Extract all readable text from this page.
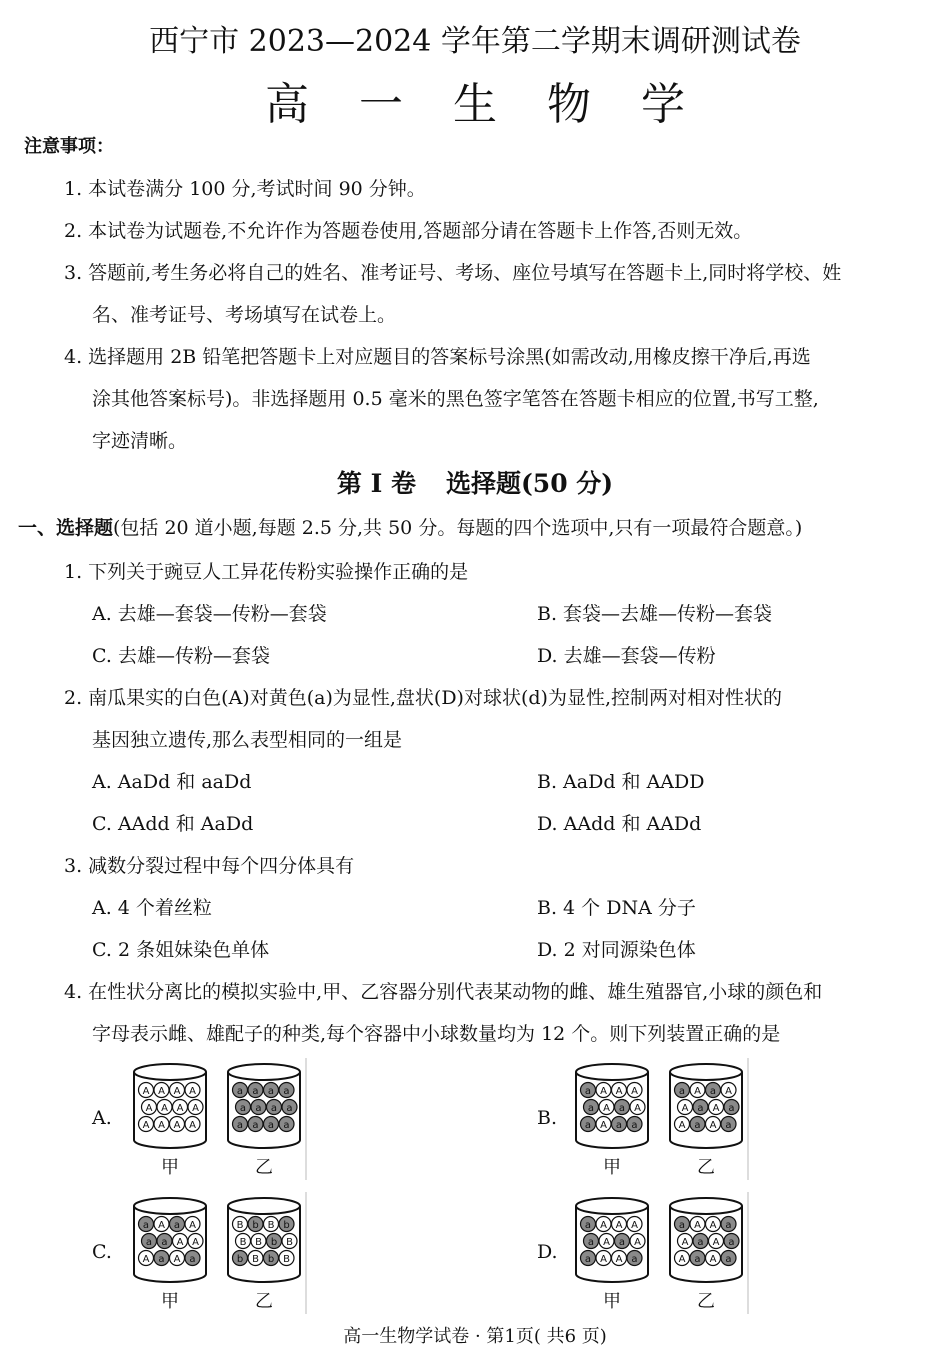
西宁市 2023—2024 学年第二学期末调研测试卷
高 一 生 物 学
注意事项：
1. 本试卷满分 100 分,考试时间 90 分钟。
2. 本试卷为试题卷,不允许作为答题卷使用,答题部分请在答题卡上作答,否则无效。
3. 答题前,考生务必将自己的姓名、准考证号、考场、座位号填写在答题卡上,同时将学校、姓
名、准考证号、考场填写在试卷上。
4. 选择题用 2B 铅笔把答题卡上对应题目的答案标号涂黑(如需改动,用橡皮擦干净后,再选
涂其他答案标号)。非选择题用 0.5 毫米的黑色签字笔答在答题卡相应的位置,书写工整,
字迹清晰。
第 I 卷 选择题(50 分)
一、选择题(包括 20 道小题,每题 2.5 分,共 50 分。每题的四个选项中,只有一项最符合题意。)
1. 下列关于豌豆人工异花传粉实验操作正确的是
A. 去雄—套袋—传粉—套袋	B. 套袋—去雄—传粉—套袋
C. 去雄—传粉—套袋	D. 去雄—套袋—传粉
2. 南瓜果实的白色(A)对黄色(a)为显性,盘状(D)对球状(d)为显性,控制两对相对性状的
基因独立遗传,那么表型相同的一组是
A. AaDd 和 aaDd	B. AaDd 和 AADD
C. AAdd 和 AaDd	D. AAdd 和 AADd
3. 减数分裂过程中每个四分体具有
A. 4 个着丝粒	B. 4 个 DNA 分子
C. 2 条姐妹染色单体	D. 2 对同源染色体
4. 在性状分离比的模拟实验中,甲、乙容器分别代表某动物的雌、雄生殖器官,小球的颜色和
字母表示雌、雄配子的种类,每个容器中小球数量均为 12 个。则下列装置正确的是
A.	B.
C.	D.
A A A A
A A A A
A A A A
a a a a
a a a a
a a a a
甲	乙
a A A A
a A a A
a A a a
a A a A
A a A a
A a A a
甲	乙
a A a A
a a A A
A a A a
B b B b
B B b B
b B b B
甲	乙
a A A A
a A a A
a A A a
a A A a
A a A a
A a A a
甲	乙
高一生物学试卷 · 第1页( 共6 页)
